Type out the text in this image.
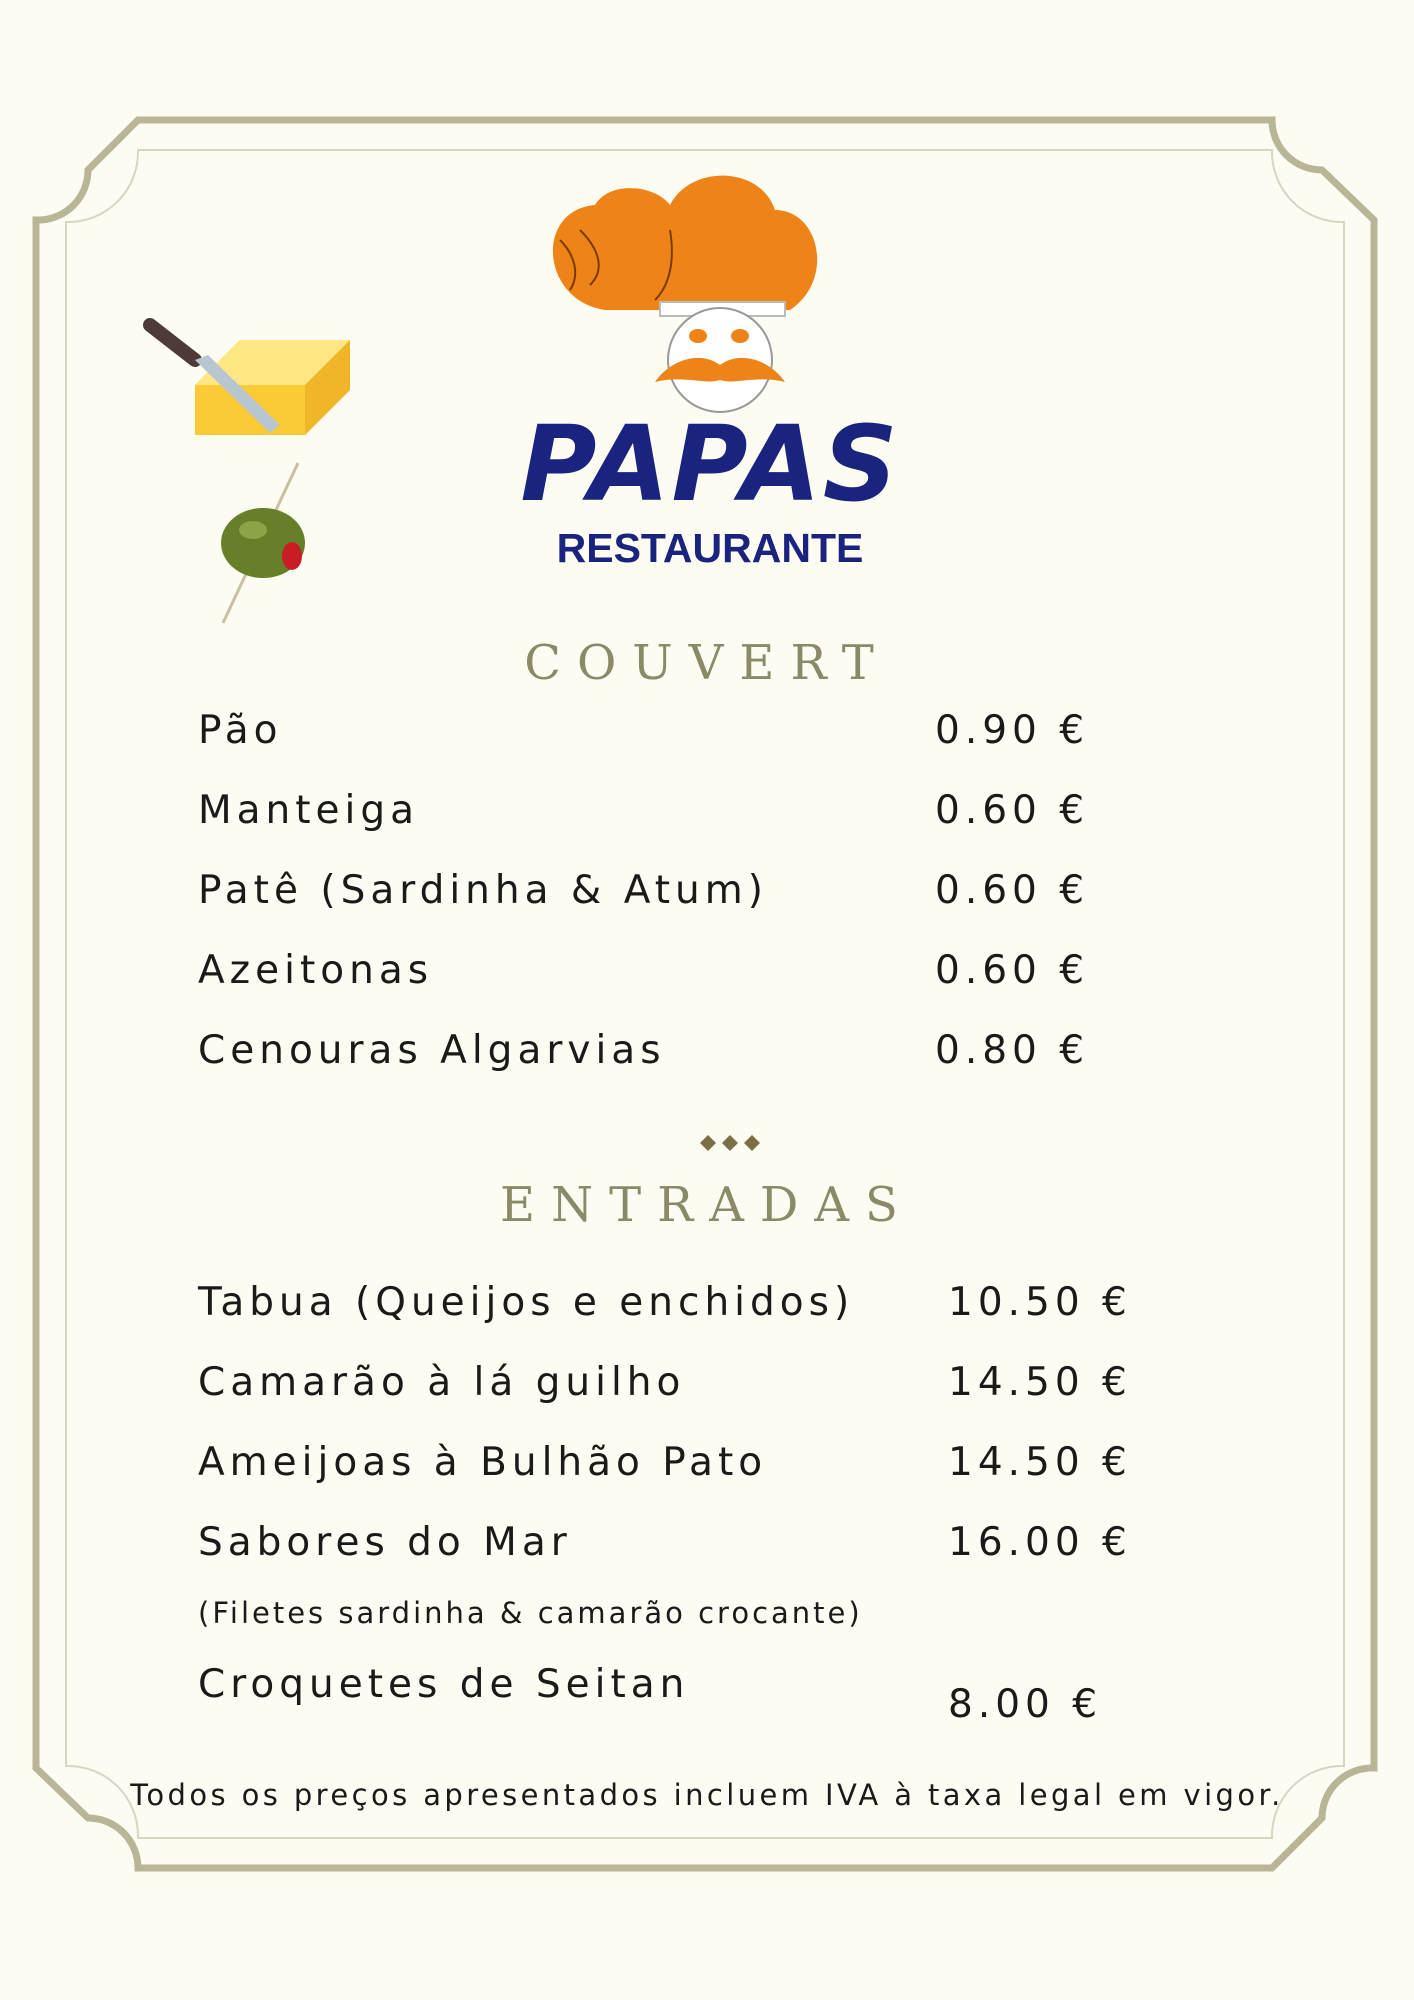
PAPAS
RESTAURANTE
COUVERT
Pão	0.90 €
Manteiga	0.60 €
Patê (Sardinha & Atum)	0.60 €
Azeitonas	0.60 €
Cenouras Algarvias	0.80 €
ENTRADAS
Tabua (Queijos e enchidos) 10.50 €
Camarão à lá guilho	14.50 €
Ameijoas à Bulhão Pato	14.50 €
Sabores do Mar	16.00 €
(Filetes sardinha & camarão crocante)
Croquetes de Seitan	8.00 €
Todos os preços apresentados incluem IVA à taxa legal em vigor.
